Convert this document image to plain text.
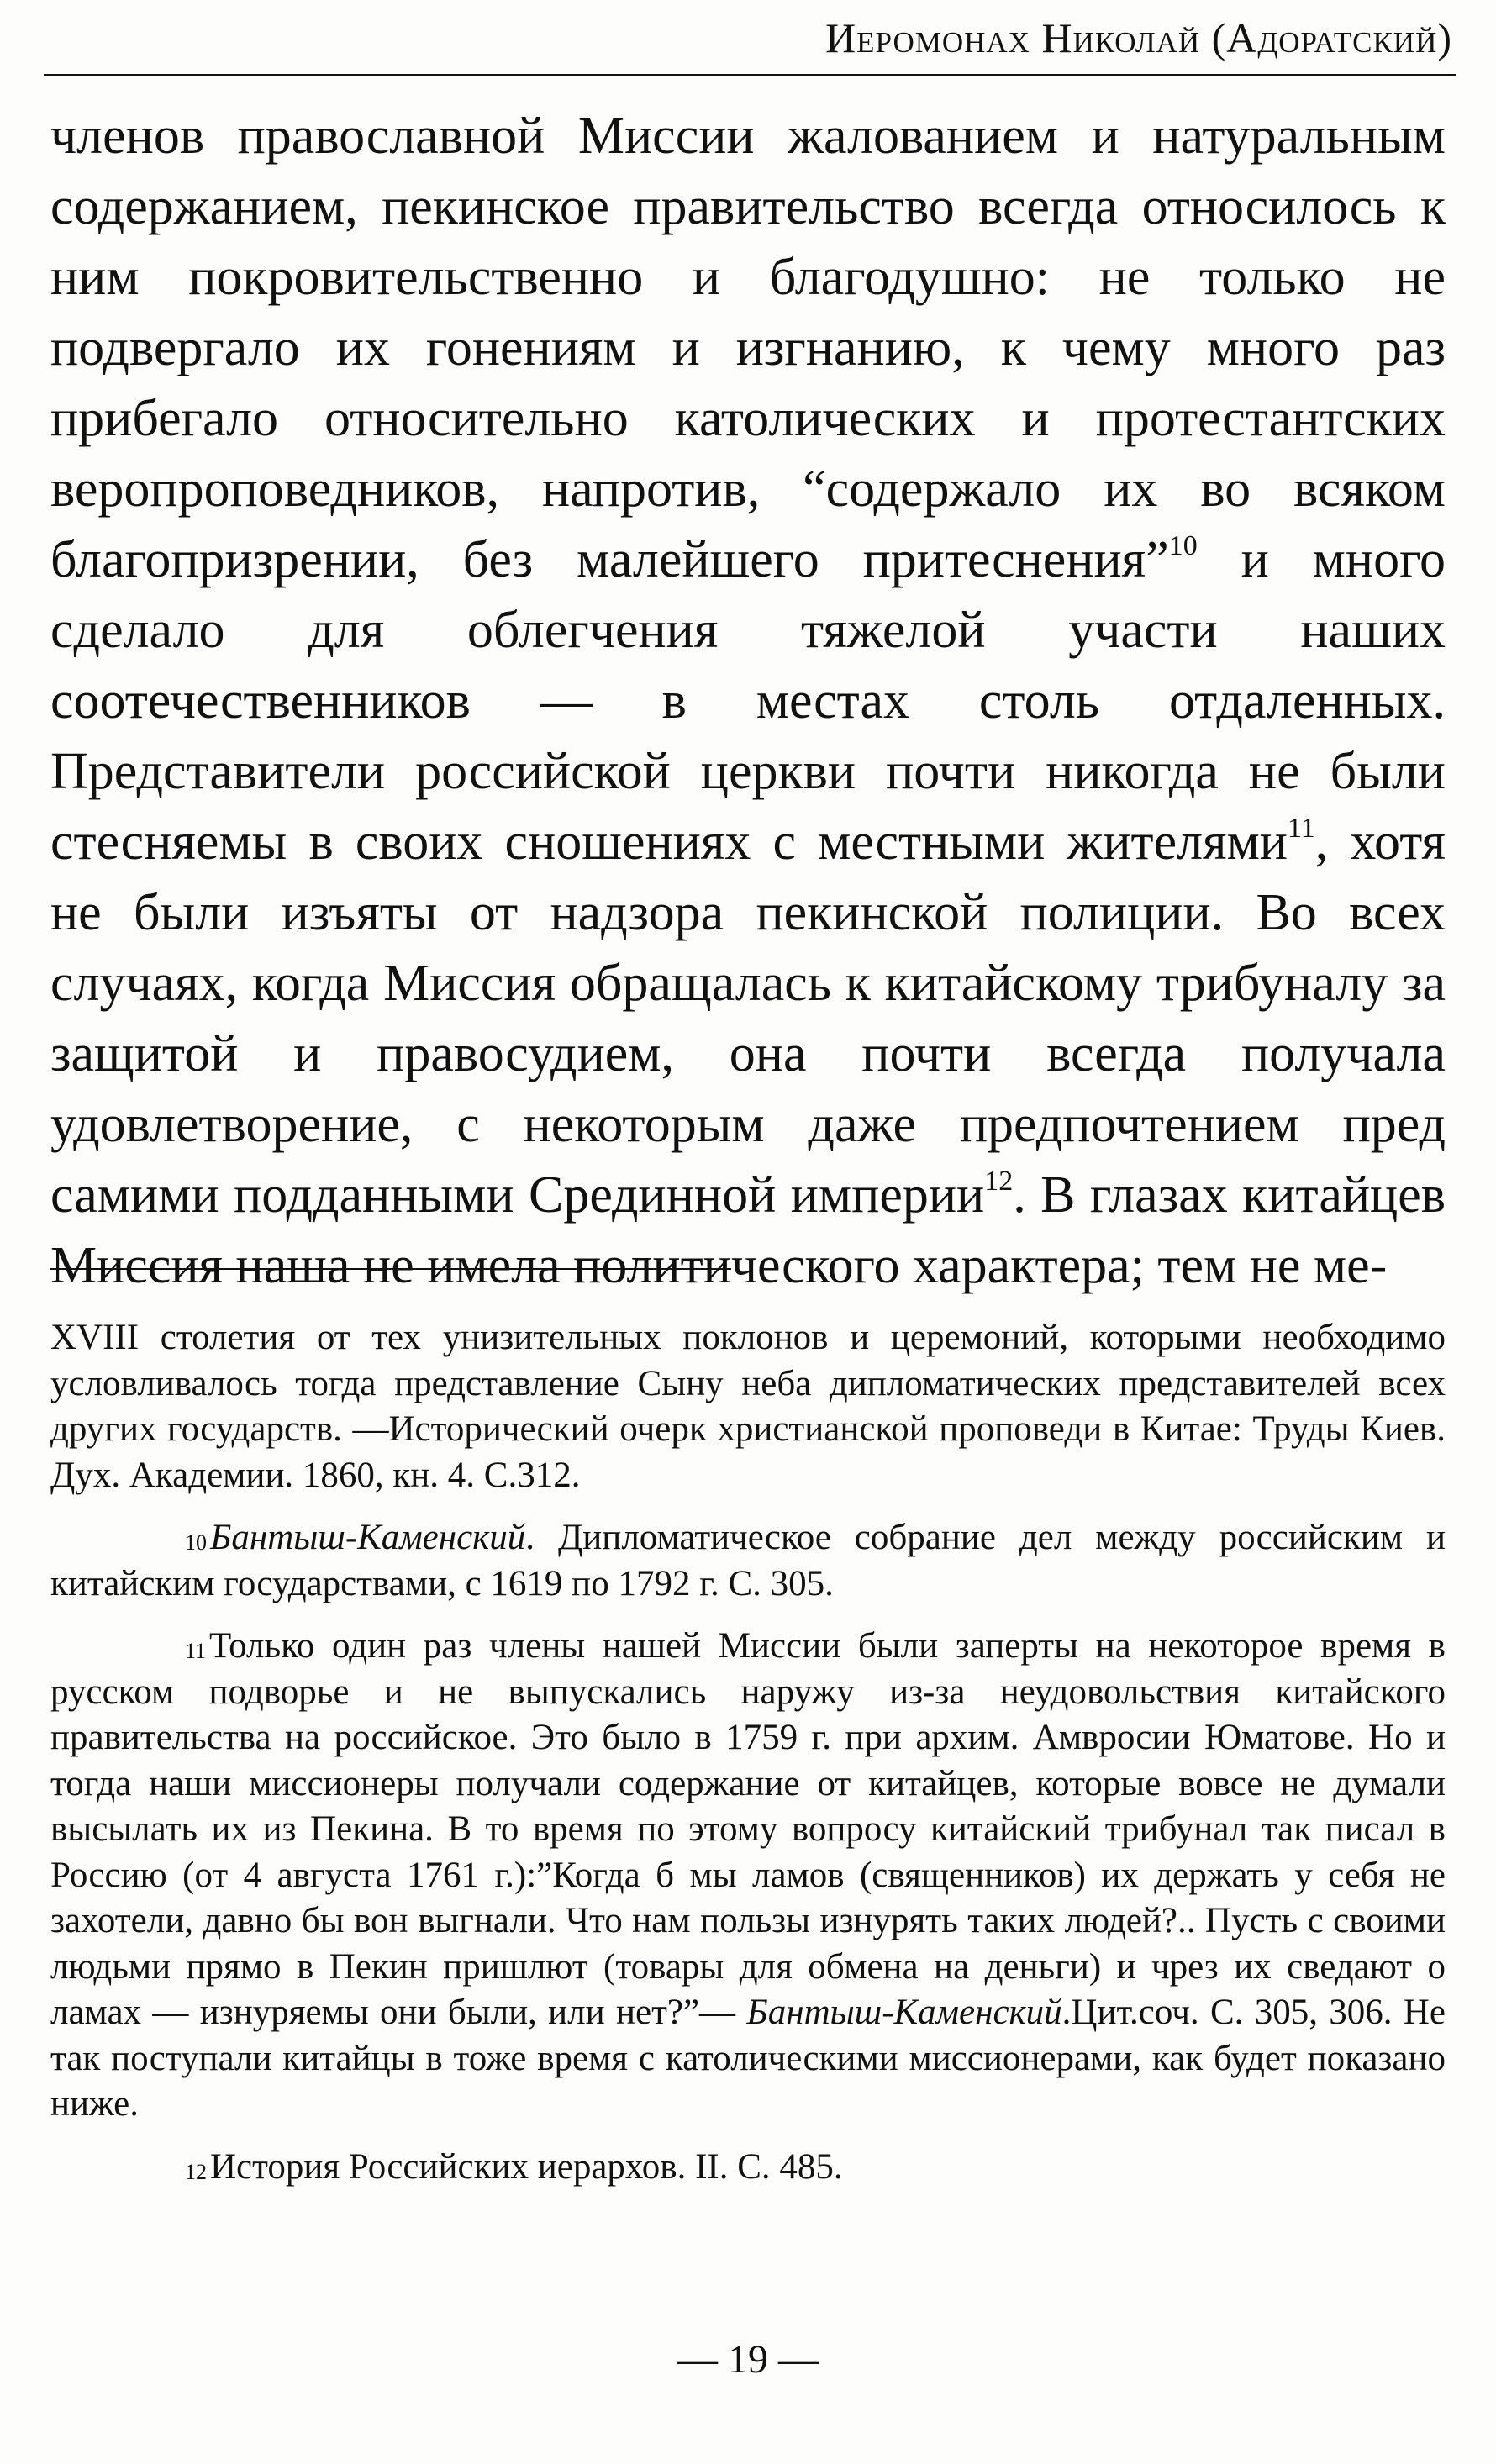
Иеромонах Николай (Адоратский)
членов православной Миссии жалованием и натуральным содержанием, пекинское правительство всегда относилось к ним покровительственно и благодушно: не только не подвергало их гонениям и изгнанию, к чему много раз прибегало относительно католических и протестантских веропроповедников, напротив, “содержало их во всяком благопризрении, без малейшего притеснения”$^{10}$ и много сделало для облегчения тяжелой участи наших соотечественников — в местах столь отдаленных. Представители российской церкви почти никогда не были стесняемы в своих сношениях с местными жителями$^{11}$, хотя не были изъяты от надзора пекинской полиции. Во всех случаях, когда Миссия обращалась к китайскому трибуналу за защитой и правосудием, она почти всегда получала удовлетворение, с некоторым даже предпочтением пред самими подданными Срединной империи$^{12}$. В глазах китайцев Миссия наша не имела политического характера; тем не ме-

XVIII столетия от тех унизительных поклонов и церемоний, которыми необходимо условливалось тогда представление Сыну неба дипломатических представителей всех других государств. —Исторический очерк христианской проповеди в Китае: Труды Киев. Дух. Академии. 1860, кн. 4. С.312.

$^{10}$Бантыш-Каменский. Дипломатическое собрание дел между российским и китайским государствами, с 1619 по 1792 г. С. 305.

$^{11}$Только один раз члены нашей Миссии были заперты на некоторое время в русском подворье и не выпускались наружу из-за неудовольствия китайского правительства на российское. Это было в 1759 г. при архим. Амвросии Юматове. Но и тогда наши миссионеры получали содержание от китайцев, которые вовсе не думали высылать их из Пекина. В то время по этому вопросу китайский трибунал так писал в Россию (от 4 августа 1761 г.):”Когда б мы ламов (священников) их держать у себя не захотели, давно бы вон выгнали. Что нам пользы изнурять таких людей?.. Пусть с своими людьми прямо в Пекин пришлют (товары для обмена на деньги) и чрез их сведают о ламах — изнуряемы они были, или нет?”— Бантыш-Каменский.Цит.соч. С. 305, 306. Не так поступали китайцы в тоже время с католическими миссионерами, как будет показано ниже.

$^{12}$История Российских иерархов. II. С. 485.

— 19 —
